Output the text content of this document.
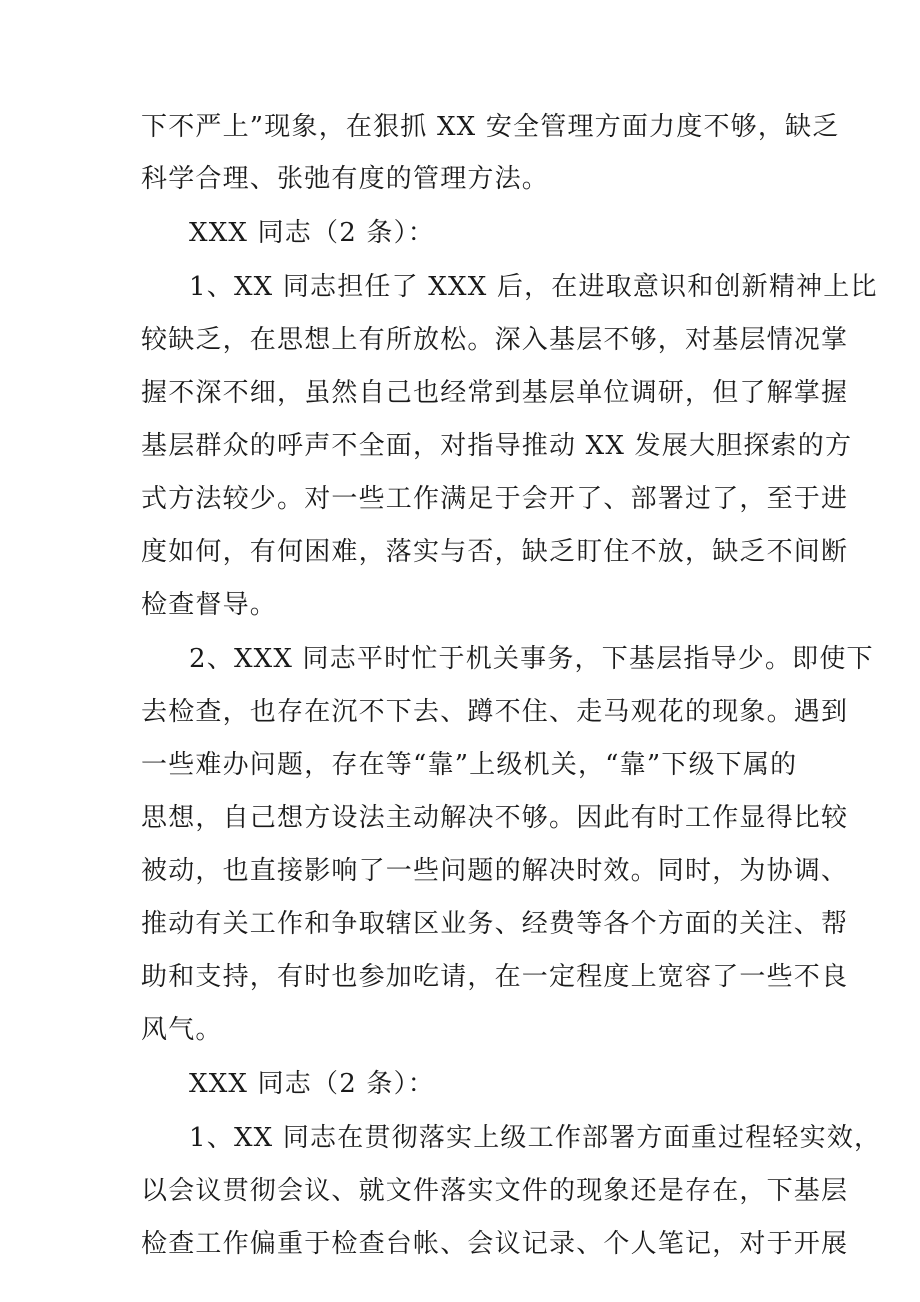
下不严上”现象，在狠抓 XX 安全管理方面力度不够，缺乏
科学合理、张弛有度的管理方法。
XXX 同志（2 条）：
1、XX 同志担任了 XXX 后，在进取意识和创新精神上比
较缺乏，在思想上有所放松。深入基层不够，对基层情况掌
握不深不细，虽然自己也经常到基层单位调研，但了解掌握
基层群众的呼声不全面，对指导推动 XX 发展大胆探索的方
式方法较少。对一些工作满足于会开了、部署过了，至于进
度如何，有何困难，落实与否，缺乏盯住不放，缺乏不间断
检查督导。
2、XXX 同志平时忙于机关事务，下基层指导少。即使下
去检查，也存在沉不下去、蹲不住、走马观花的现象。遇到
一些难办问题，存在等“靠”上级机关，“靠”下级下属的
思想，自己想方设法主动解决不够。因此有时工作显得比较
被动，也直接影响了一些问题的解决时效。同时，为协调、
推动有关工作和争取辖区业务、经费等各个方面的关注、帮
助和支持，有时也参加吃请，在一定程度上宽容了一些不良
风气。
XXX 同志（2 条）：
1、XX 同志在贯彻落实上级工作部署方面重过程轻实效，
以会议贯彻会议、就文件落实文件的现象还是存在，下基层
检查工作偏重于检查台帐、会议记录、个人笔记，对于开展
